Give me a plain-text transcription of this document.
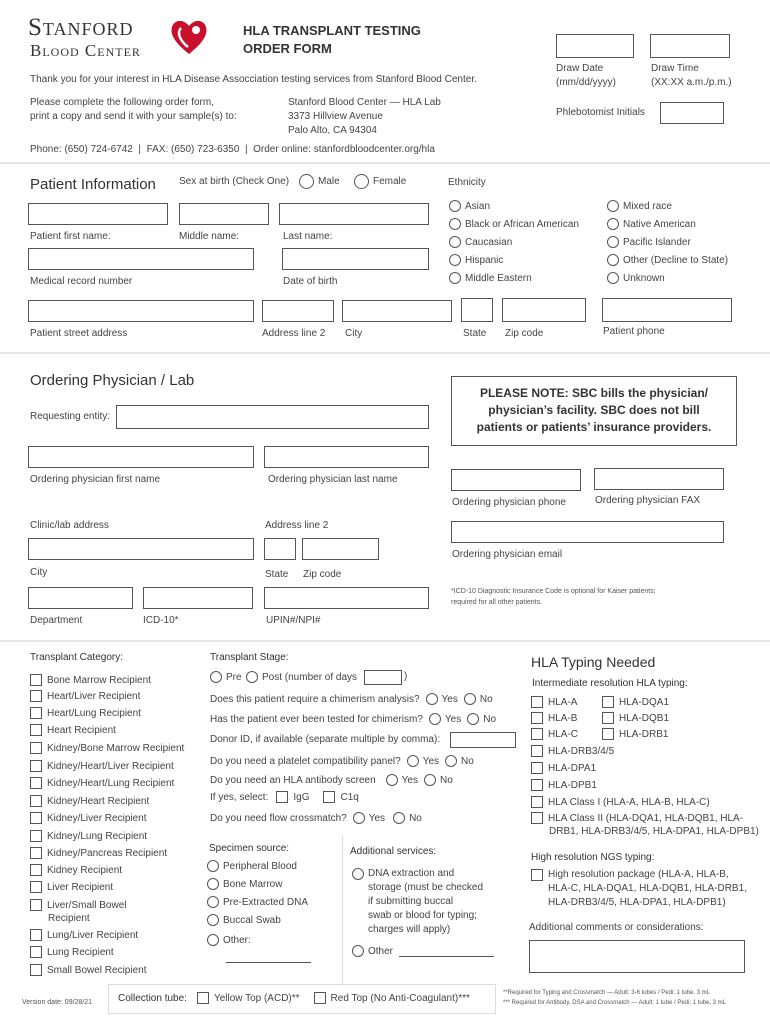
Stanford
Blood Center
HLA TRANSPLANT TESTING
ORDER FORM
Draw Date
(mm/dd/yyyy)
Draw Time
(XX:XX a.m./p.m.)
Phlebotomist Initials
Thank you for your interest in HLA Disease Assocciation testing services from Stanford Blood Center.
Please complete the following order form,
print a copy and send it with your sample(s) to:
Stanford Blood Center — HLA Lab
3373 Hillview Avenue
Palo Alto, CA 94304
Phone: (650) 724-6742  |  FAX: (650) 723-6350  |  Order online: stanfordbloodcenter.org/hla
Patient Information Sex at birth (Check One)	Male	Female
Patient first name:	Middle name:	Last name:
Medical record number	Date of birth
Ethnicity
Asian
Black or African American
Caucasian
Hispanic
Middle Eastern
Mixed race
Native American
Pacific Islander
Other (Decline to State)
Unknown
Patient street address	Address line 2 City	State Zip code	Patient phone
Ordering Physician / Lab
Requesting entity:
PLEASE NOTE: SBC bills the physician/ physician’s facility. SBC does not bill patients or patients’ insurance providers.
Ordering physician first name	Ordering physician last name
Ordering physician phone	Ordering physician FAX
Clinic/lab address	Address line 2
Ordering physician email
City	State Zip code
*ICD-10 Diagnostic Insurance Code is optional for Kaiser patients;
required for all other patients.
Department	ICD-10*	UPIN#/NPI#
Transplant Category:
Bone Marrow Recipient
Heart/Liver Recipient
Heart/Lung Recipient
Heart Recipient
Kidney/Bone Marrow Recipient
Kidney/Heart/Liver Recipient
Kidney/Heart/Lung Recipient
Kidney/Heart Recipient
Kidney/Liver Recipient
Kidney/Lung Recipient
Kidney/Pancreas Recipient
Kidney Recipient
Liver Recipient
Liver/Small Bowel
Recipient
Lung/Liver Recipient
Lung Recipient
Small Bowel Recipient
Version date: 09/28/21
Transplant Stage:
Pre Post (number of days	)
Does this patient require a chimerism analysis? Yes No
Has the patient ever been tested for chimerism? Yes No
Donor ID, if available (separate multiple by comma):
Do you need a platelet compatibility panel? Yes No
Do you need an HLA antibody screen	Yes No
If yes, select:	IgG	C1q
Do you need flow crossmatch? Yes No
Specimen source:
Peripheral Blood
Bone Marrow
Pre-Extracted DNA
Buccal Swab
Other:
Additional services:
DNA extraction and
storage (must be checked
if submitting buccal
swab or blood for typing;
charges will apply)
Other
HLA Typing Needed
Intermediate resolution HLA typing:
HLA-A
HLA-B
HLA-C
HLA-DRB3/4/5
HLA-DPA1
HLA-DPB1
HLA Class I (HLA-A, HLA-B, HLA-C)
HLA Class II (HLA-DQA1, HLA-DQB1, HLA-
DRB1, HLA-DRB3/4/5, HLA-DPA1, HLA-DPB1)
HLA-DQA1
HLA-DQB1
HLA-DRB1
High resolution NGS typing:
High resolution package (HLA-A, HLA-B,
HLA-C, HLA-DQA1, HLA-DQB1, HLA-DRB1,
HLA-DRB3/4/5, HLA-DPA1, HLA-DPB1)
Additional comments or considerations:
Collection tube:	Yellow Top (ACD)**	Red Top (No Anti-Coagulant)***	**Required for Typing and Crossmatch — Adult: 3-6 tubes / Pedi: 1 tube, 3 mL
*** Required for Antibody, DSA and Crossmatch — Adult: 1 tube / Pedi: 1 tube, 3 mL
